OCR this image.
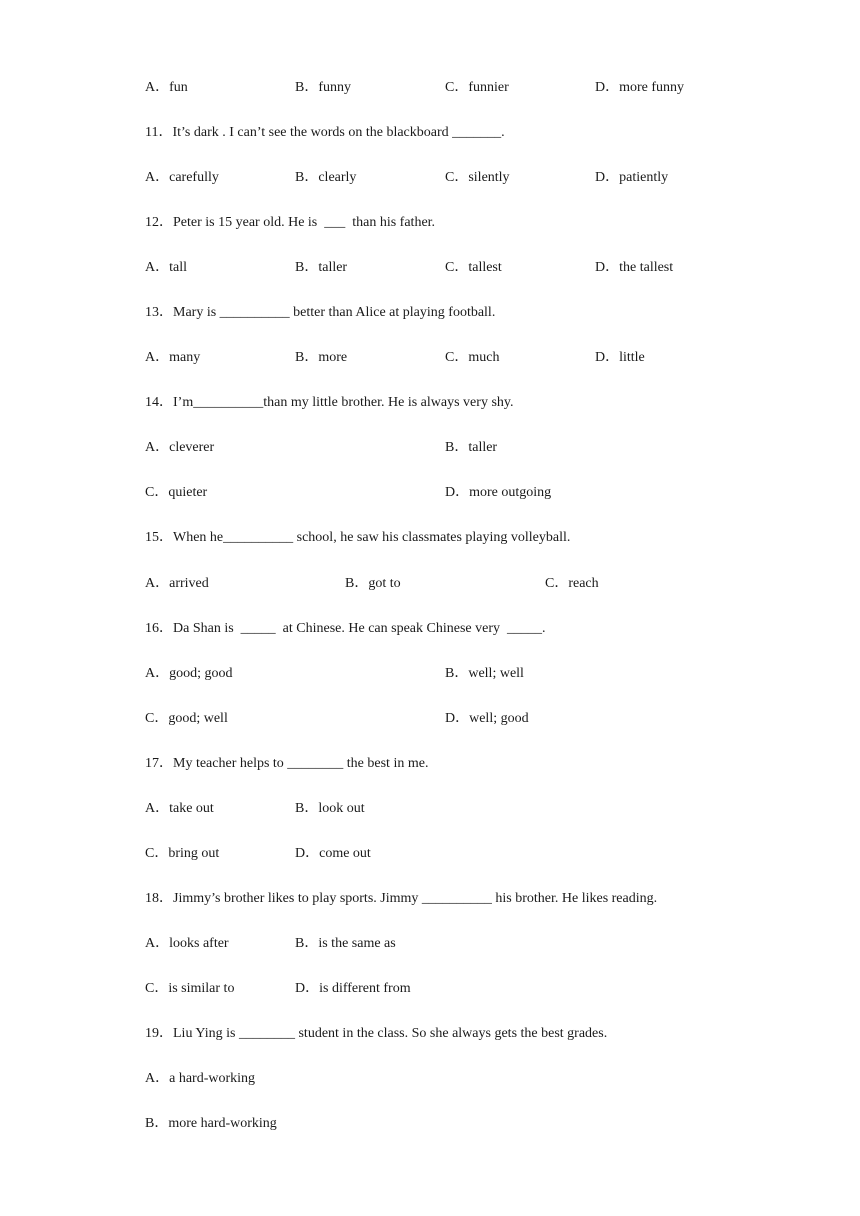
A．fun	B．funny	C．funnier	D．more funny
11．It’s dark . I can’t see the words on the blackboard _______.
A．carefully	B．clearly	C．silently	D．patiently
12．Peter is 15 year old. He is  ___  than his father.
A．tall	B．taller	C．tallest	D．the tallest
13．Mary is __________ better than Alice at playing football.
A．many	B．more	C．much	D．little
14．I’m__________than my little brother. He is always very shy.
A．cleverer	B．taller
C．quieter	D．more outgoing
15．When he__________ school, he saw his classmates playing volleyball.
A．arrived	B．got to	C．reach
16．Da Shan is  _____  at Chinese. He can speak Chinese very  _____.
A．good; good	B．well; well
C．good; well	D．well; good
17．My teacher helps to ________ the best in me.
A．take out	B．look out
C．bring out	D．come out
18．Jimmy’s brother likes to play sports. Jimmy __________ his brother. He likes reading.
A．looks after	B．is the same as
C．is similar to	D．is different from
19．Liu Ying is ________ student in the class. So she always gets the best grades.
A．a hard-working
B．more hard-working
